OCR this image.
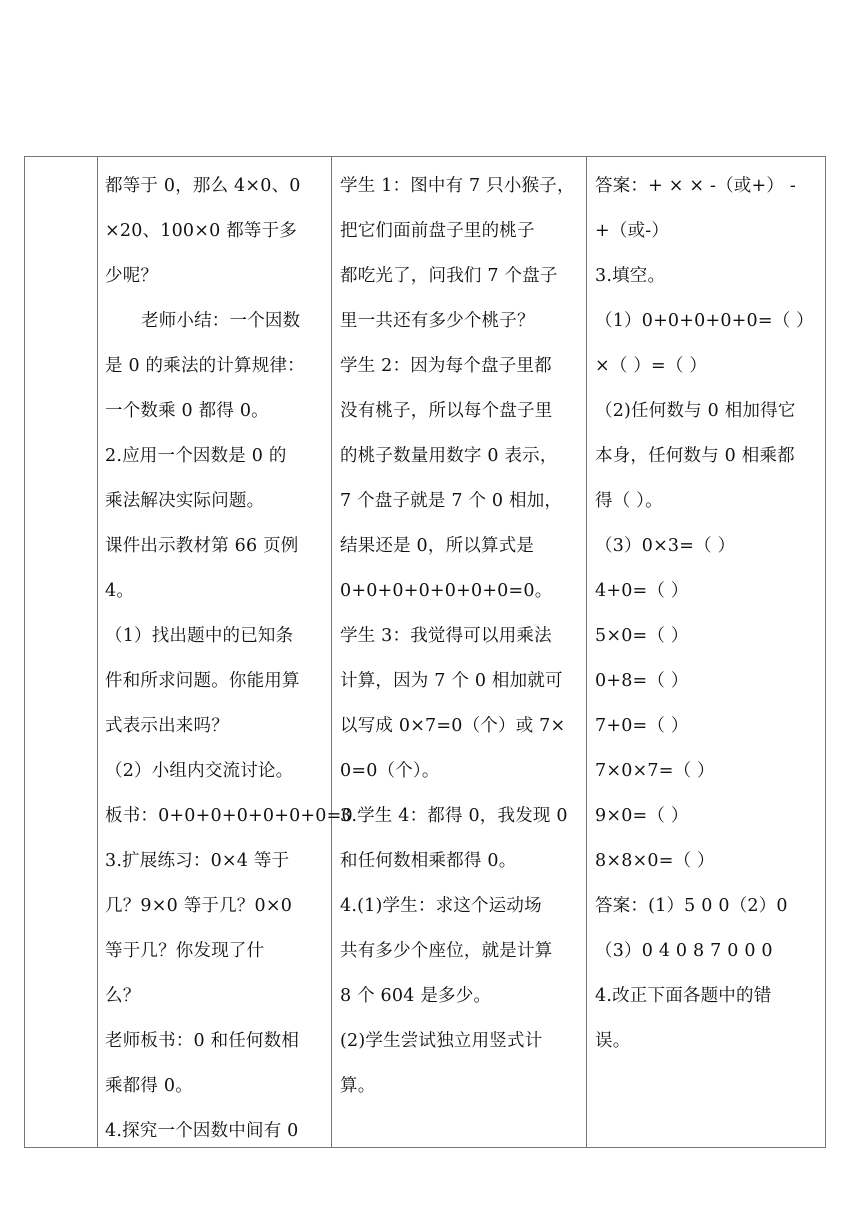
都等于 0，那么 4×0、0
×20、100×0 都等于多
少呢？
老师小结：一个因数
是 0 的乘法的计算规律：
一个数乘 0 都得 0。
2.应用一个因数是 0 的
乘法解决实际问题。
课件出示教材第 66 页例
4。
（1）找出题中的已知条
件和所求问题。你能用算
式表示出来吗？
（2）小组内交流讨论。
板书：0+0+0+0+0+0+0=0
3.扩展练习：0×4 等于
几？9×0 等于几？0×0
等于几？你发现了什
么？
老师板书：0 和任何数相
乘都得 0。
4.探究一个因数中间有 0
学生 1：图中有 7 只小猴子，
把它们面前盘子里的桃子
都吃光了，问我们 7 个盘子
里一共还有多少个桃子？
学生 2：因为每个盘子里都
没有桃子，所以每个盘子里
的桃子数量用数字 0 表示，
7 个盘子就是 7 个 0 相加，
结果还是 0，所以算式是
0+0+0+0+0+0+0=0。
学生 3：我觉得可以用乘法
计算，因为 7 个 0 相加就可
以写成 0×7=0（个）或 7×
0=0（个）。
3.学生 4：都得 0，我发现 0
和任何数相乘都得 0。
4.(1)学生：求这个运动场
共有多少个座位，就是计算
8 个 604 是多少。
(2)学生尝试独立用竖式计
算。
答案：+ × × -（或+） -
+（或-）
3.填空。
（1）0+0+0+0+0=（ ）
×（ ）=（ ）
（2)任何数与 0 相加得它
本身，任何数与 0 相乘都
得（ ）。
（3）0×3=（ ）
4+0=（ ）
5×0=（ ）
0+8=（ ）
7+0=（ ）
7×0×7=（ ）
9×0=（ ）
8×8×0=（ ）
答案：(1）5 0 0（2）0
（3）0 4 0 8 7 0 0 0
4.改正下面各题中的错
误。
